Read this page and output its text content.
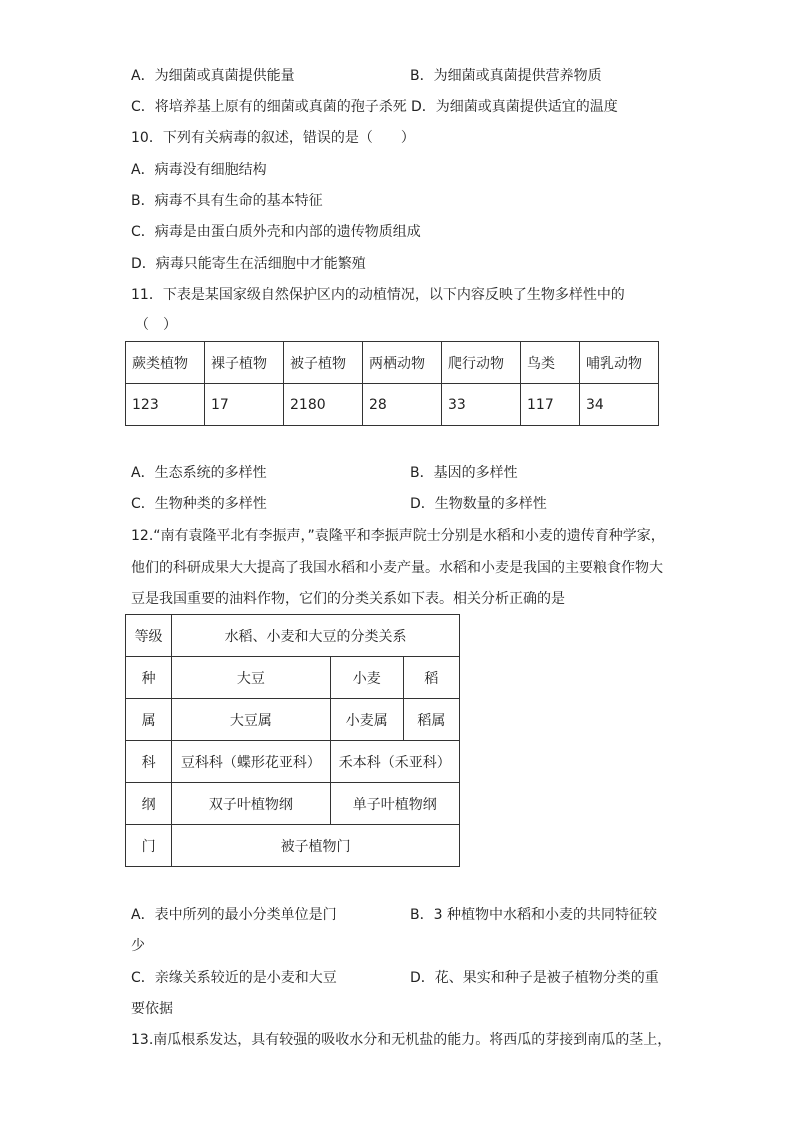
A．为细菌或真菌提供能量	B．为细菌或真菌提供营养物质
C．将培养基上原有的细菌或真菌的孢子杀死 D．为细菌或真菌提供适宜的温度
10．下列有关病毒的叙述，错误的是（　　）
A．病毒没有细胞结构
B．病毒不具有生命的基本特征
C．病毒是由蛋白质外壳和内部的遗传物质组成
D．病毒只能寄生在活细胞中才能繁殖
11．下表是某国家级自然保护区内的动植情况，以下内容反映了生物多样性中的
（　）
蕨类植物	裸子植物	被子植物	两栖动物	爬行动物	鸟类	哺乳动物
123	17	2180	28	33	117	34
A．生态系统的多样性	B．基因的多样性
C．生物种类的多样性	D．生物数量的多样性
12.“南有袁隆平北有李振声，”袁隆平和李振声院士分别是水稻和小麦的遗传育种学家，
他们的科研成果大大提高了我国水稻和小麦产量。水稻和小麦是我国的主要粮食作物大
豆是我国重要的油料作物，它们的分类关系如下表。相关分析正确的是
等级	水稻、小麦和大豆的分类关系		
种	大豆	小麦	稻
属	大豆属	小麦属	稻属
科	豆科科（蝶形花亚科）	禾本科（禾亚科）	
纲	双子叶植物纲	单子叶植物纲	
门	被子植物门		
A．表中所列的最小分类单位是门	B．3 种植物中水稻和小麦的共同特征较
少
C．亲缘关系较近的是小麦和大豆	D．花、果实和种子是被子植物分类的重
要依据
13.南瓜根系发达，具有较强的吸收水分和无机盐的能力。将西瓜的芽接到南瓜的茎上，
